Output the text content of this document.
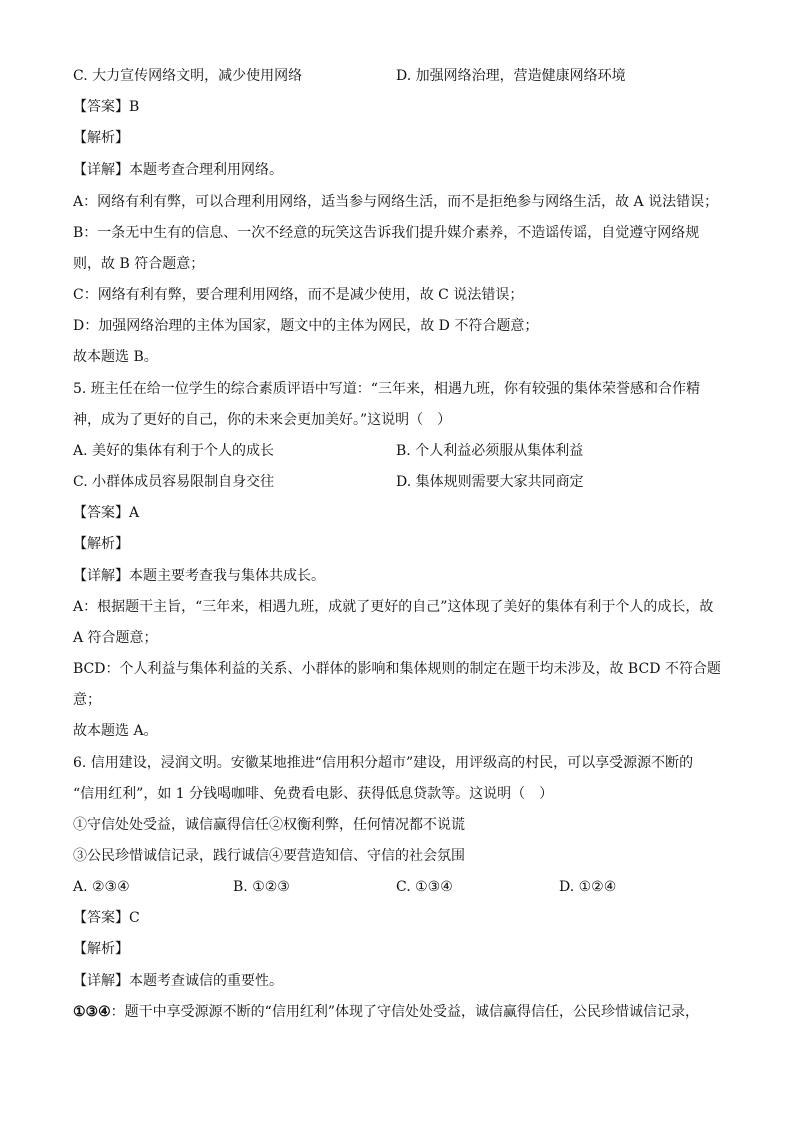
C. 大力宣传网络文明，减少使用网络	D. 加强网络治理，营造健康网络环境
【答案】B
【解析】
【详解】本题考查合理利用网络。
A：网络有利有弊，可以合理利用网络，适当参与网络生活，而不是拒绝参与网络生活，故 A 说法错误；
B：一条无中生有的信息、一次不经意的玩笑这告诉我们提升媒介素养，不造谣传谣，自觉遵守网络规
则，故 B 符合题意；
C：网络有利有弊，要合理利用网络，而不是减少使用，故 C 说法错误；
D：加强网络治理的主体为国家，题文中的主体为网民，故 D 不符合题意；
故本题选 B。
5. 班主任在给一位学生的综合素质评语中写道：“三年来，相遇九班，你有较强的集体荣誉感和合作精
神，成为了更好的自己，你的未来会更加美好。”这说明（　）
A. 美好的集体有利于个人的成长	B. 个人利益必须服从集体利益
C. 小群体成员容易限制自身交往	D. 集体规则需要大家共同商定
【答案】A
【解析】
【详解】本题主要考查我与集体共成长。
A：根据题干主旨，“三年来，相遇九班，成就了更好的自己”这体现了美好的集体有利于个人的成长，故
A 符合题意；
BCD：个人利益与集体利益的关系、小群体的影响和集体规则的制定在题干均未涉及，故 BCD 不符合题
意；
故本题选 A。
6. 信用建设，浸润文明。安徽某地推进“信用积分超市”建设，用评级高的村民，可以享受源源不断的
“信用红利”，如 1 分钱喝咖啡、免费看电影、获得低息贷款等。这说明（　）
①守信处处受益，诚信赢得信任②权衡利弊，任何情况都不说谎
③公民珍惜诚信记录，践行诚信④要营造知信、守信的社会氛围
A. ②③④	B. ①②③	C. ①③④	D. ①②④
【答案】C
【解析】
【详解】本题考查诚信的重要性。
①③④：题干中享受源源不断的“信用红利”体现了守信处处受益，诚信赢得信任，公民珍惜诚信记录，
